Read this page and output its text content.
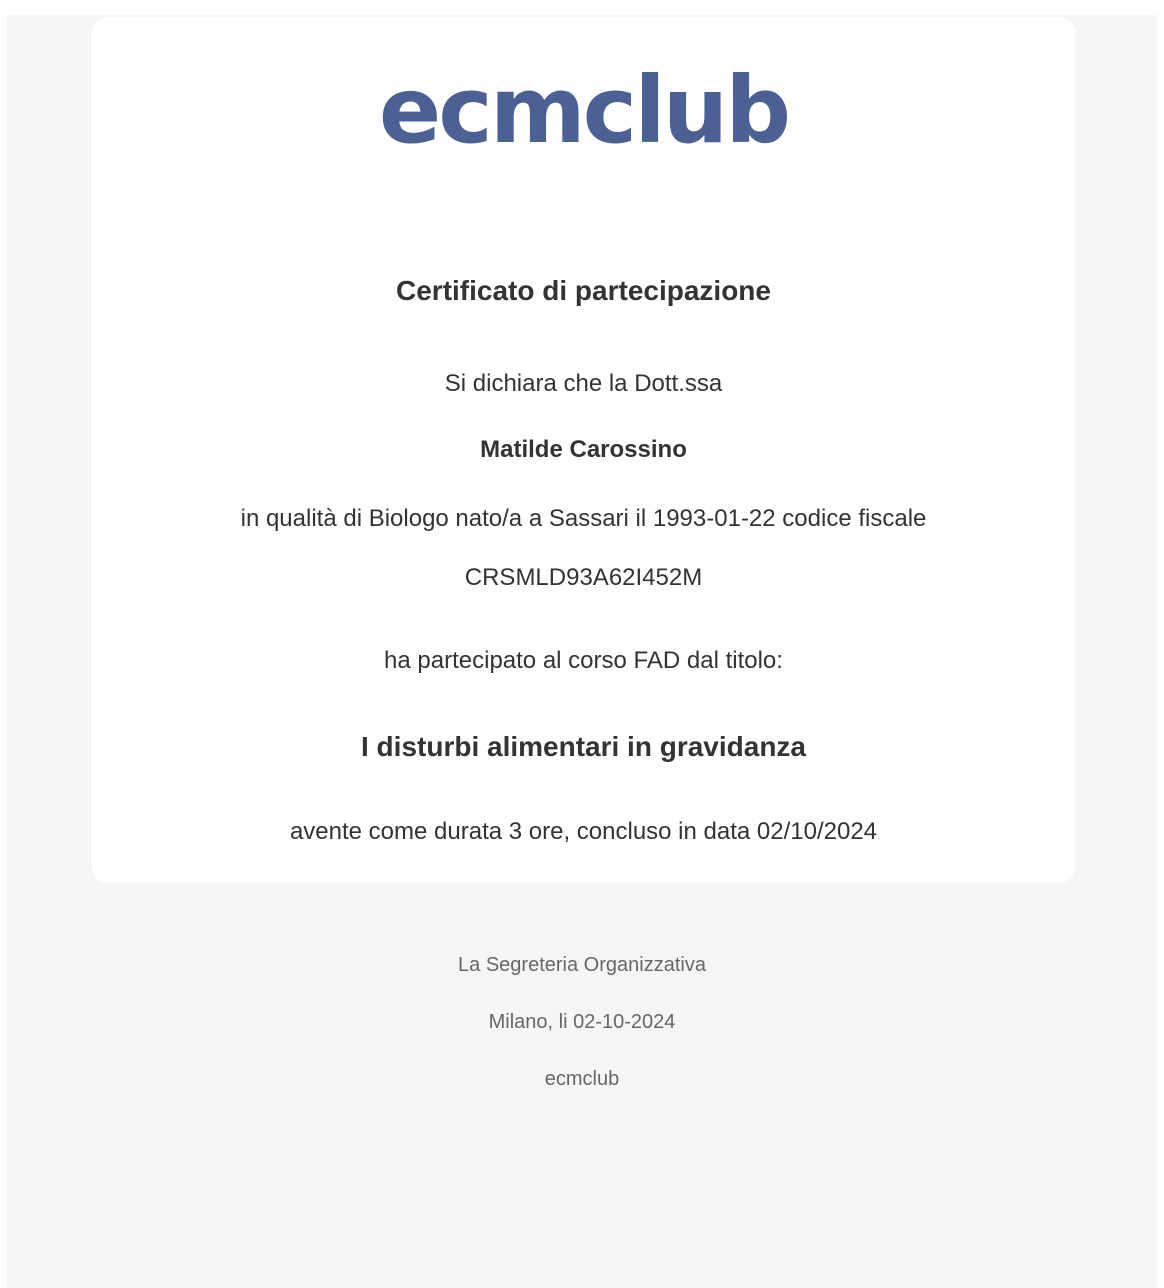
ecmclub
Certificato di partecipazione
Si dichiara che la Dott.ssa
Matilde Carossino
in qualità di Biologo nato/a a Sassari il 1993-01-22 codice fiscale
CRSMLD93A62I452M
ha partecipato al corso FAD dal titolo:
I disturbi alimentari in gravidanza
avente come durata 3 ore, concluso in data 02/10/2024
La Segreteria Organizzativa
Milano, li 02-10-2024
ecmclub
